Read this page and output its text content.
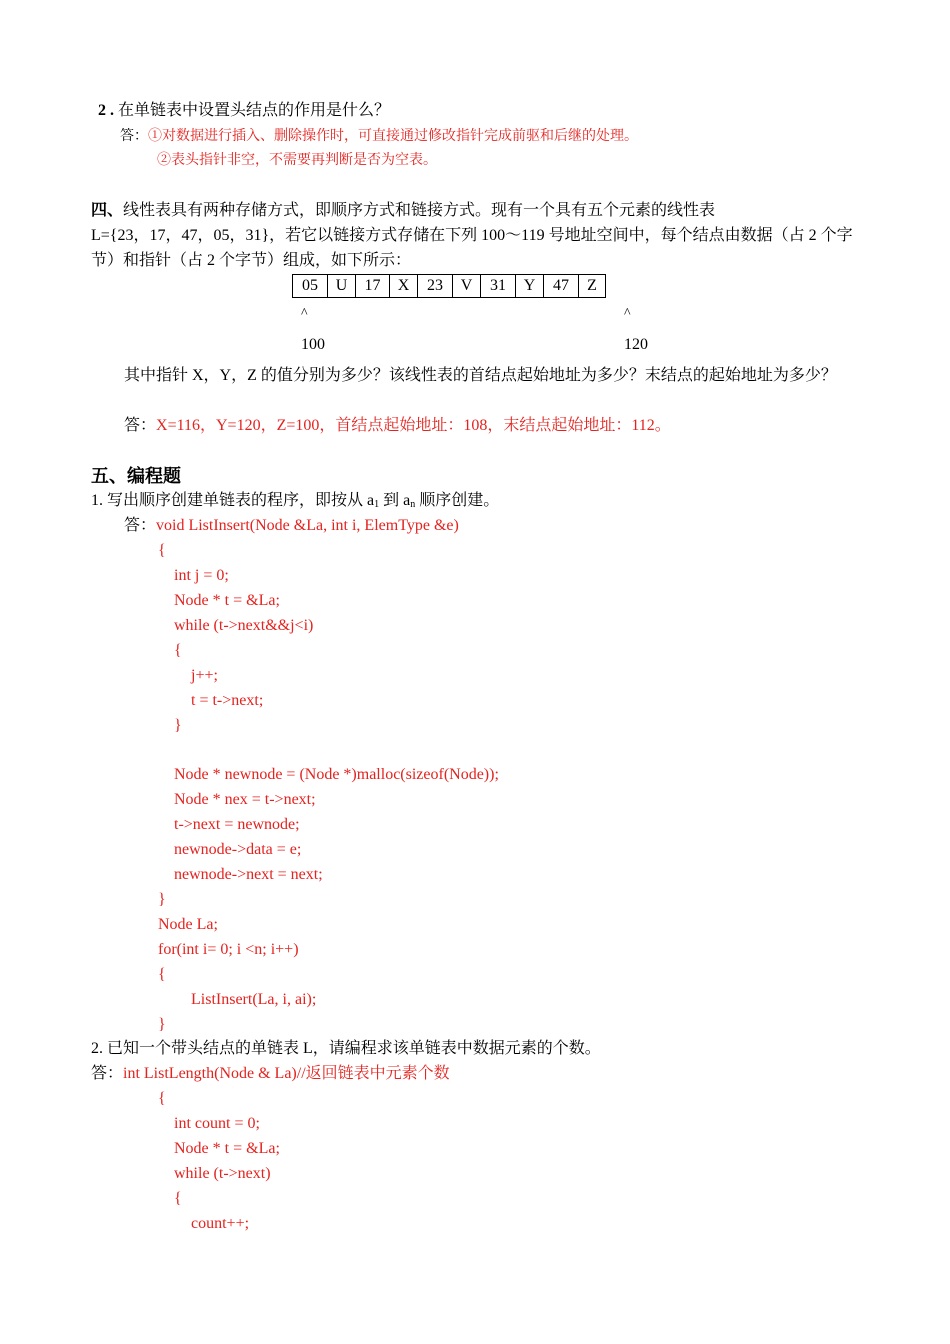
2 . 在单链表中设置头结点的作用是什么？
答：①对数据进行插入、删除操作时，可直接通过修改指针完成前驱和后继的处理。
②表头指针非空，不需要再判断是否为空表。
四、线性表具有两种存储方式，即顺序方式和链接方式。现有一个具有五个元素的线性表
L={23，17，47，05，31}，若它以链接方式存储在下列 100～119 号地址空间中，每个结点由数据（占 2 个字
节）和指针（占 2 个字节）组成，如下所示：
05	U	17	X	23	V	31	Y	47	Z
^	^
100	120
其中指针 X，Y，Z 的值分别为多少？该线性表的首结点起始地址为多少？末结点的起始地址为多少？
答：X=116，Y=120，Z=100，首结点起始地址：108，末结点起始地址：112。
五、编程题
1. 写出顺序创建单链表的程序，即按从 $a_1$ 到 $a_n$ 顺序创建。
答：void ListInsert(Node &La, int i, ElemType &e)
{
int j = 0;
Node * t = &La;
while (t->next&&j<i)
{
j++;
t = t->next;
}
Node * newnode = (Node *)malloc(sizeof(Node));
Node * nex = t->next;
t->next = newnode;
newnode->data = e;
newnode->next = next;
}
Node La;
for(int i= 0; i <n; i++)
{
ListInsert(La, i, ai);
}
2. 已知一个带头结点的单链表 L，请编程求该单链表中数据元素的个数。
答：int ListLength(Node & La)//返回链表中元素个数
{
int count = 0;
Node * t = &La;
while (t->next)
{
count++;
